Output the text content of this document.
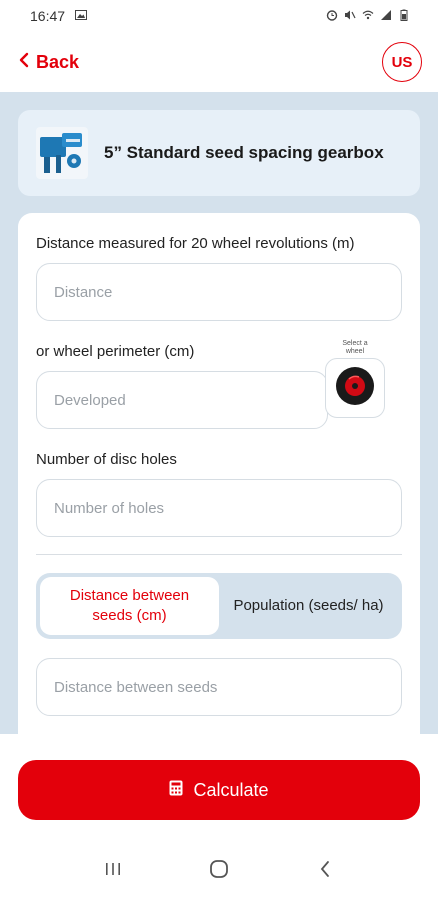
16:47
Back	US
5” Standard seed spacing gearbox
Distance measured for 20 wheel revolutions (m)
Distance
or wheel perimeter (cm)
Developed	Select a wheel
Number of disc holes
Number of holes
Distance between seeds (cm)
Population (seeds/ ha)
Distance between seeds
Calculate
